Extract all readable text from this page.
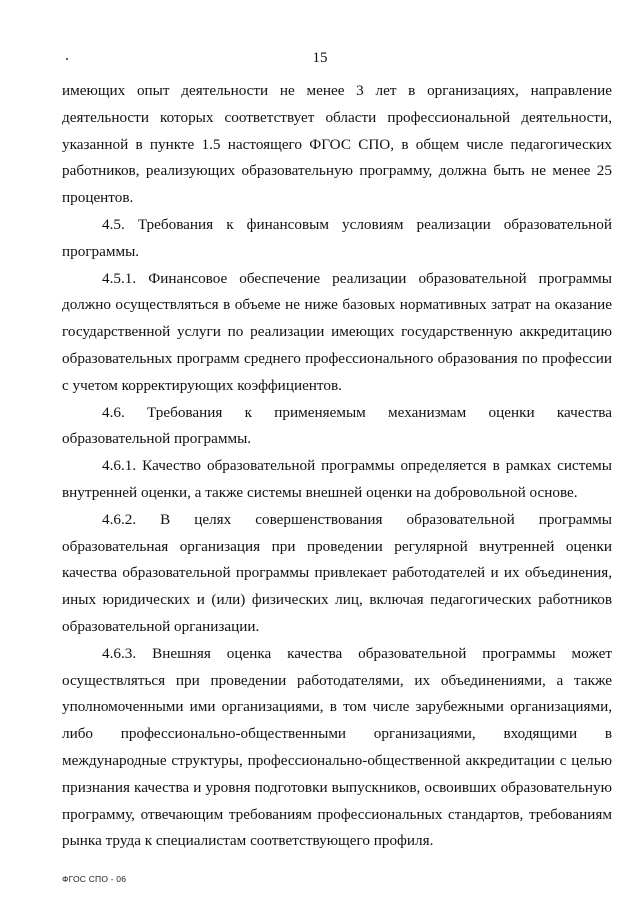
15

имеющих опыт деятельности не менее 3 лет в организациях, направление деятельности которых соответствует области профессиональной деятельности, указанной в пункте 1.5 настоящего ФГОС СПО, в общем числе педагогических работников, реализующих образовательную программу, должна быть не менее 25 процентов.

4.5. Требования к финансовым условиям реализации образовательной программы.

4.5.1. Финансовое обеспечение реализации образовательной программы должно осуществляться в объеме не ниже базовых нормативных затрат на оказание государственной услуги по реализации имеющих государственную аккредитацию образовательных программ среднего профессионального образования по профессии с учетом корректирующих коэффициентов.

4.6. Требования к применяемым механизмам оценки качества образовательной программы.

4.6.1. Качество образовательной программы определяется в рамках системы внутренней оценки, а также системы внешней оценки на добровольной основе.

4.6.2. В целях совершенствования образовательной программы образовательная организация при проведении регулярной внутренней оценки качества образовательной программы привлекает работодателей и их объединения, иных юридических и (или) физических лиц, включая педагогических работников образовательной организации.

4.6.3. Внешняя оценка качества образовательной программы может осуществляться при проведении работодателями, их объединениями, а также уполномоченными ими организациями, в том числе зарубежными организациями, либо профессионально-общественными организациями, входящими в международные структуры, профессионально-общественной аккредитации с целью признания качества и уровня подготовки выпускников, освоивших образовательную программу, отвечающим требованиям профессиональных стандартов, требованиям рынка труда к специалистам соответствующего профиля.

ФГОС СПО - 06
